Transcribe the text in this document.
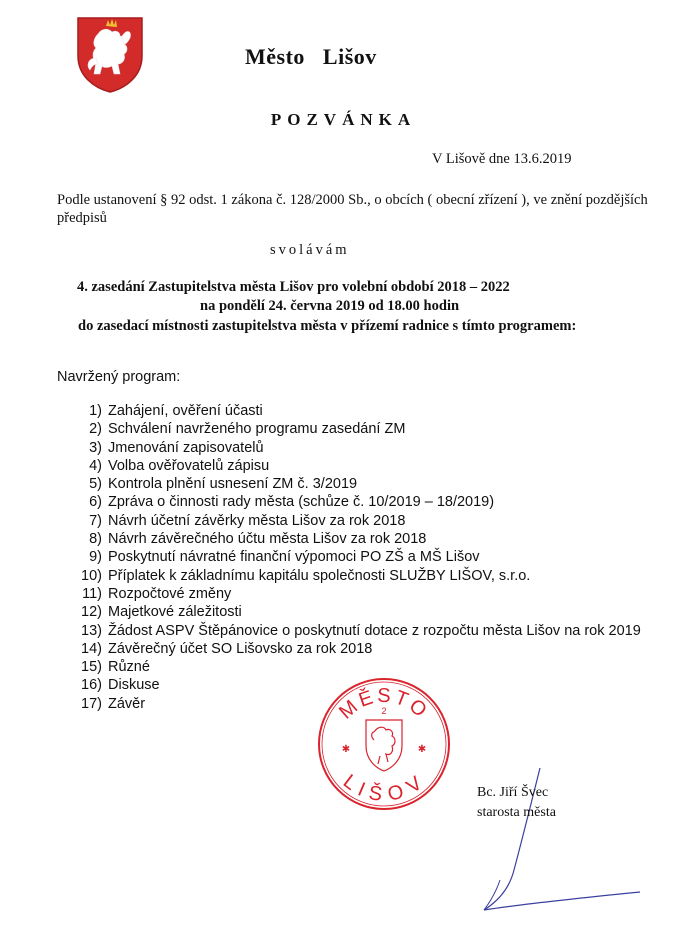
Město   Lišov
POZVÁNKA
V Lišově dne 13.6.2019
Podle ustanovení § 92 odst. 1 zákona č. 128/2000 Sb., o obcích ( obecní zřízení ), ve znění pozdějších předpisů
svolávám
4. zasedání Zastupitelstva města Lišov pro volební období 2018 – 2022
na pondělí 24. června 2019 od 18.00 hodin
do zasedací místnosti zastupitelstva města v přízemí radnice s tímto programem:
Navržený program:
1) Zahájení, ověření účasti
2) Schválení navrženého programu zasedání ZM
3) Jmenování zapisovatelů
4) Volba ověřovatelů zápisu
5) Kontrola plnění usnesení ZM č. 3/2019
6) Zpráva o činnosti rady města (schůze č. 10/2019 – 18/2019)
7) Návrh účetní závěrky města Lišov za rok 2018
8) Návrh závěrečného účtu města Lišov za rok 2018
9) Poskytnutí návratné finanční výpomoci PO ZŠ a MŠ Lišov
10) Příplatek k základnímu kapitálu společnosti SLUŽBY LIŠOV, s.r.o.
11) Rozpočtové změny
12) Majetkové záležitosti
13) Žádost ASPV Štěpánovice o poskytnutí dotace z rozpočtu města Lišov na rok 2019
14) Závěrečný účet SO Lišovsko za rok 2018
15) Různé
16) Diskuse
17) Závěr	MĚSTO
LIŠOV
2
✱	✱
Bc. Jiří Švec
starosta města
